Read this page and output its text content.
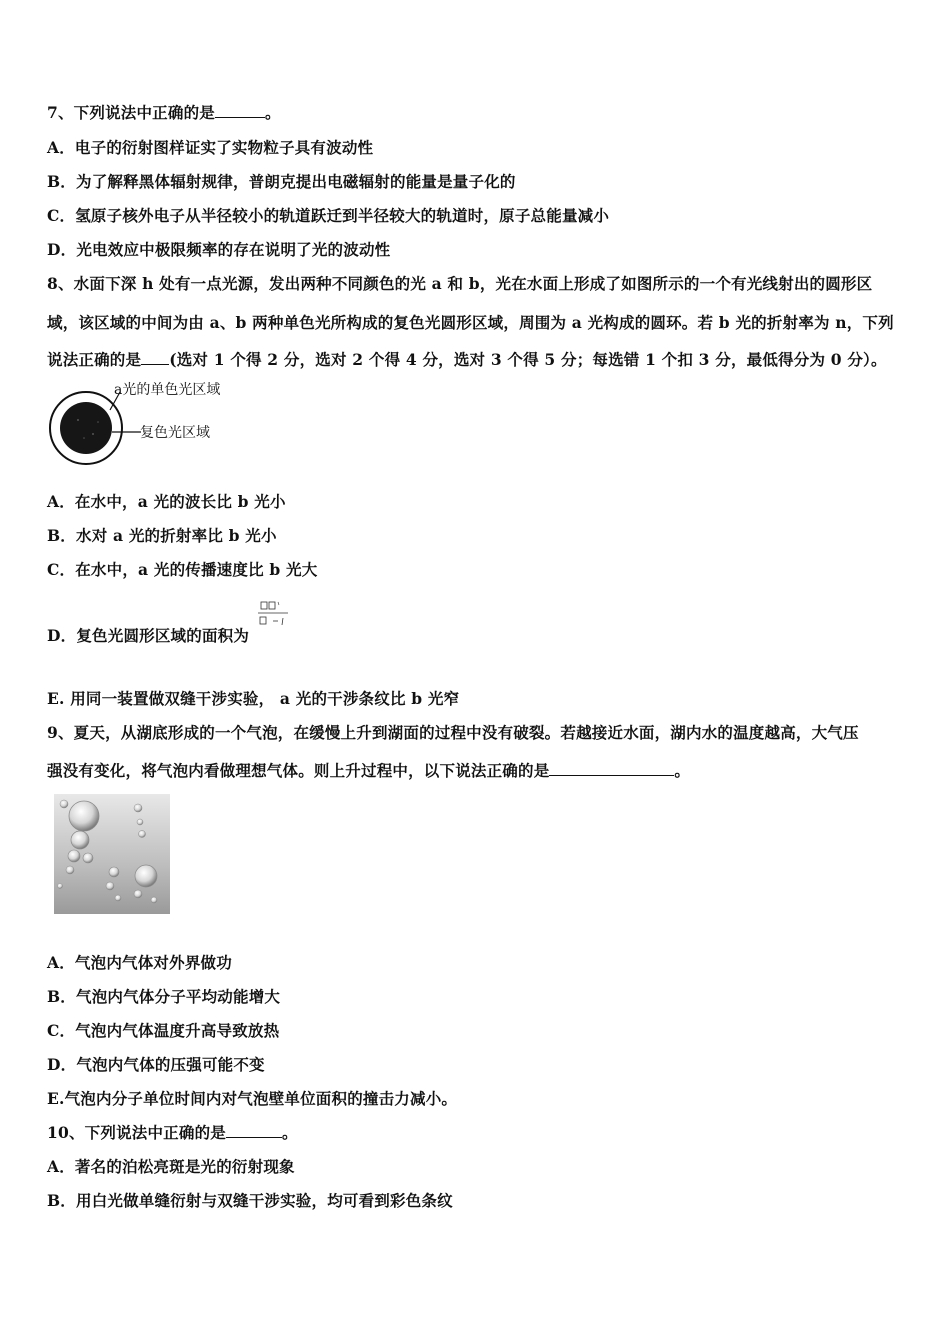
7、下列说法中正确的是	。
A．电子的衍射图样证实了实物粒子具有波动性
B．为了解释黑体辐射规律，普朗克提出电磁辐射的能量是量子化的
C．氢原子核外电子从半径较小的轨道跃迁到半径较大的轨道时，原子总能量减小
D．光电效应中极限频率的存在说明了光的波动性
8、水面下深 h 处有一点光源，发出两种不同颜色的光 a 和 b，光在水面上形成了如图所示的一个有光线射出的圆形区
域，该区域的中间为由 a、b 两种单色光所构成的复色光圆形区域，周围为 a 光构成的圆环。若 b 光的折射率为 n，下列
说法正确的是 (选对 1 个得 2 分，选对 2 个得 4 分，选对 3 个得 5 分；每选错 1 个扣 3 分，最低得分为 0 分）。
a光的单色光区域
复色光区域
A．在水中，a 光的波长比 b 光小
B．水对 a 光的折射率比 b 光小
C．在水中，a 光的传播速度比 b 光大
D．复色光圆形区域的面积为
E. 用同一装置做双缝干涉实验， a 光的干涉条纹比 b 光窄
9、夏天，从湖底形成的一个气泡，在缓慢上升到湖面的过程中没有破裂。若越接近水面，湖内水的温度越高，大气压
强没有变化，将气泡内看做理想气体。则上升过程中，以下说法正确的是	。
A．气泡内气体对外界做功
B．气泡内气体分子平均动能增大
C．气泡内气体温度升高导致放热
D．气泡内气体的压强可能不变
E.气泡内分子单位时间内对气泡壁单位面积的撞击力减小。
10、下列说法中正确的是	。
A．著名的泊松亮斑是光的衍射现象
B．用白光做单缝衍射与双缝干涉实验，均可看到彩色条纹
